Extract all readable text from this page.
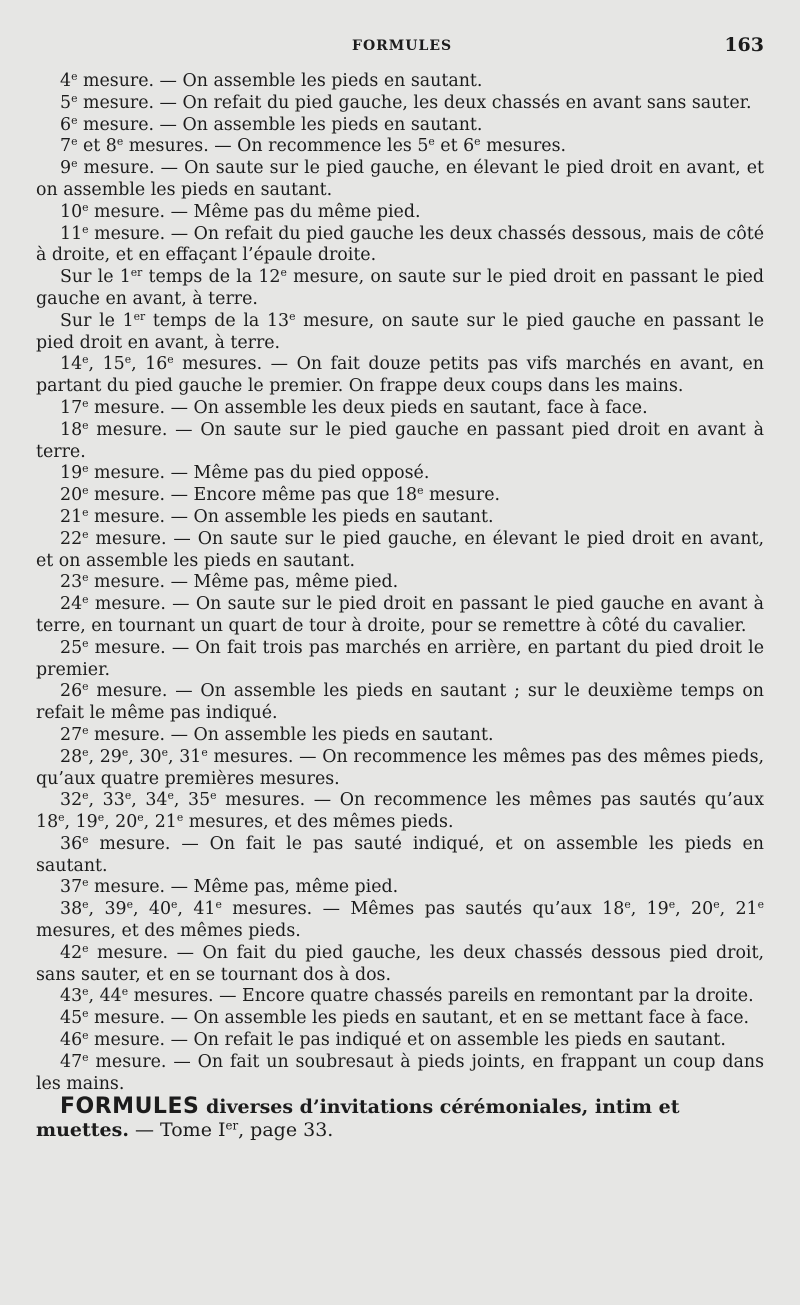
FORMULES	163

4e mesure. — On assemble les pieds en sautant.

5e mesure. — On refait du pied gauche, les deux chassés en avant sans sauter.

6e mesure. — On assemble les pieds en sautant.

7e et 8e mesures. — On recommence les 5e et 6e mesures.

9e mesure. — On saute sur le pied gauche, en élevant le pied droit en avant, et on assemble les pieds en sautant.

10e mesure. — Même pas du même pied.

11e mesure. — On refait du pied gauche les deux chassés dessous, mais de côté à droite, et en effaçant l’épaule droite.

Sur le 1er temps de la 12e mesure, on saute sur le pied droit en passant le pied gauche en avant, à terre.

Sur le 1er temps de la 13e mesure, on saute sur le pied gauche en passant le pied droit en avant, à terre.

14e, 15e, 16e mesures. — On fait douze petits pas vifs marchés en avant, en partant du pied gauche le premier. On frappe deux coups dans les mains.

17e mesure. — On assemble les deux pieds en sautant, face à face.

18e mesure. — On saute sur le pied gauche en passant pied droit en avant à terre.

19e mesure. — Même pas du pied opposé.

20e mesure. — Encore même pas que 18e mesure.

21e mesure. — On assemble les pieds en sautant.

22e mesure. — On saute sur le pied gauche, en élevant le pied droit en avant, et on assemble les pieds en sautant.

23e mesure. — Même pas, même pied.

24e mesure. — On saute sur le pied droit en passant le pied gauche en avant à terre, en tournant un quart de tour à droite, pour se remettre à côté du cavalier.

25e mesure. — On fait trois pas marchés en arrière, en partant du pied droit le premier.

26e mesure. — On assemble les pieds en sautant ; sur le deuxième temps on refait le même pas indiqué.

27e mesure. — On assemble les pieds en sautant.

28e, 29e, 30e, 31e mesures. — On recommence les mêmes pas des mêmes pieds, qu’aux quatre premières mesures.

32e, 33e, 34e, 35e mesures. — On recommence les mêmes pas sautés qu’aux 18e, 19e, 20e, 21e mesures, et des mêmes pieds.

36e mesure. — On fait le pas sauté indiqué, et on assemble les pieds en sautant.

37e mesure. — Même pas, même pied.

38e, 39e, 40e, 41e mesures. — Mêmes pas sautés qu’aux 18e, 19e, 20e, 21e mesures, et des mêmes pieds.

42e mesure. — On fait du pied gauche, les deux chassés dessous pied droit, sans sauter, et en se tournant dos à dos.

43e, 44e mesures. — Encore quatre chassés pareils en remontant par la droite.

45e mesure. — On assemble les pieds en sautant, et en se mettant face à face.

46e mesure. — On refait le pas indiqué et on assemble les pieds en sautant.

47e mesure. — On fait un soubresaut à pieds joints, en frappant un coup dans les mains.

FORMULES diverses d’invitations cérémoniales, intim et muettes. — Tome Ier, page 33.
